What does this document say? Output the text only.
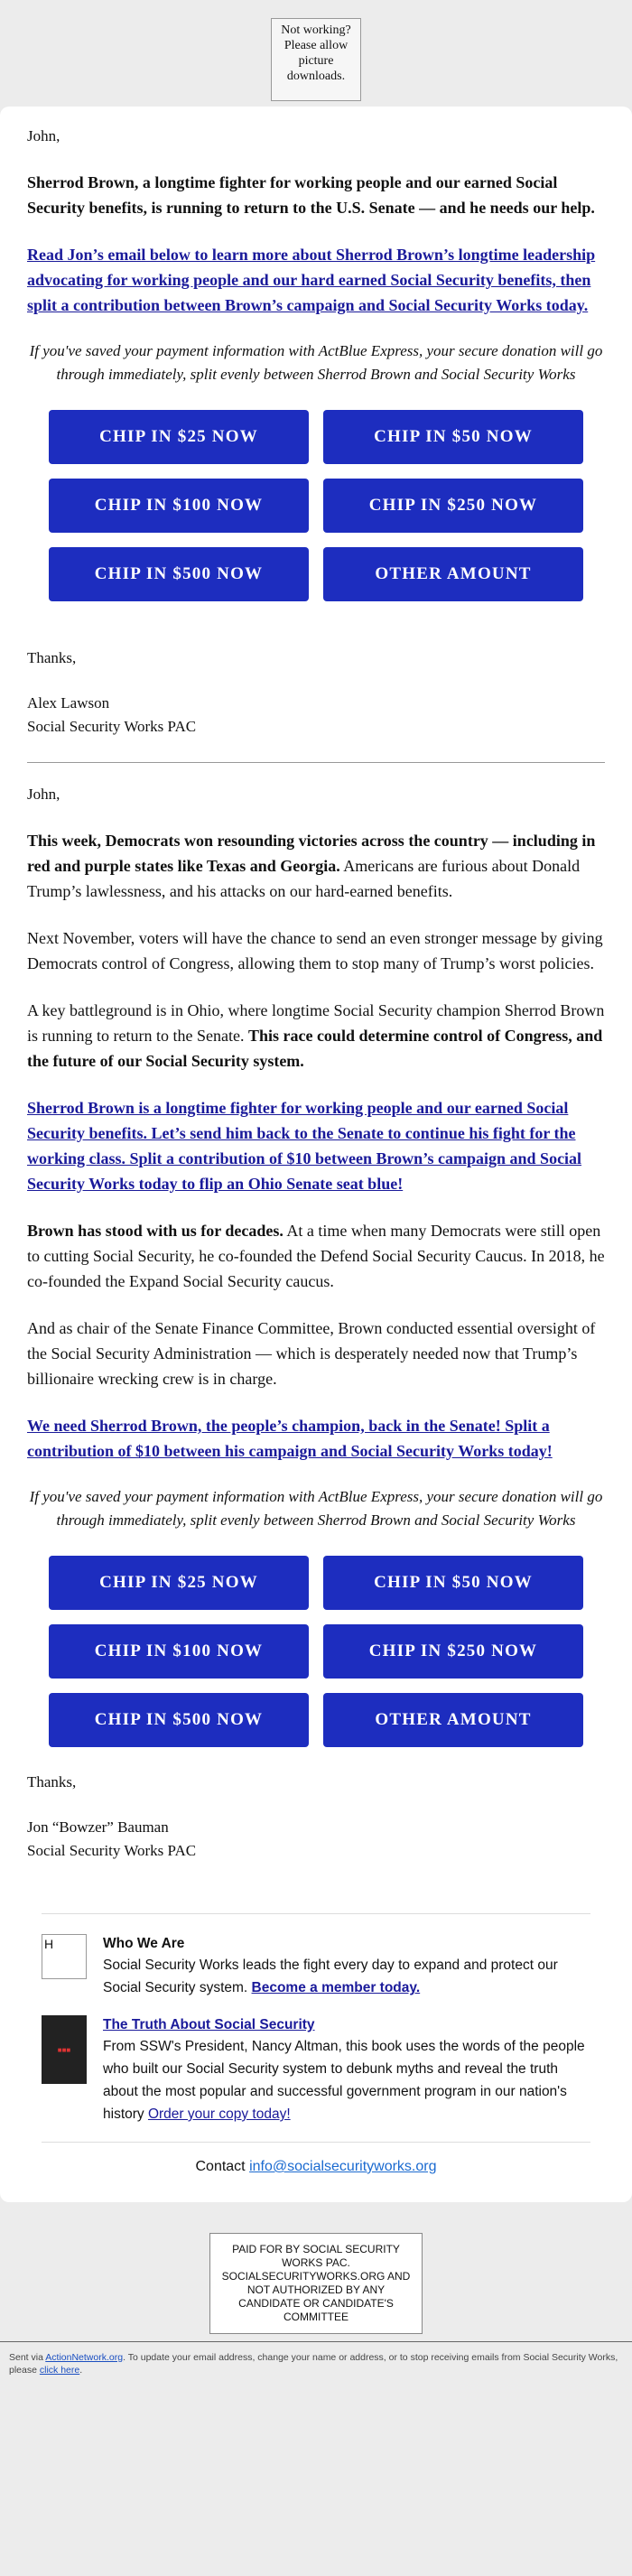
Not working? Please allow picture downloads.

John,

Sherrod Brown, a longtime fighter for working people and our earned Social Security benefits, is running to return to the U.S. Senate — and he needs our help.

Read Jon’s email below to learn more about Sherrod Brown’s longtime leadership advocating for working people and our hard earned Social Security benefits, then split a contribution between Brown’s campaign and Social Security Works today.

If you've saved your payment information with ActBlue Express, your secure donation will go through immediately, split evenly between Sherrod Brown and Social Security Works

CHIP IN $25 NOW	CHIP IN $50 NOW
CHIP IN $100 NOW	CHIP IN $250 NOW
CHIP IN $500 NOW	OTHER AMOUNT

Thanks,

Alex Lawson

Social Security Works PAC

John,

This week, Democrats won resounding victories across the country — including in red and purple states like Texas and Georgia. Americans are furious about Donald Trump’s lawlessness, and his attacks on our hard-earned benefits.

Next November, voters will have the chance to send an even stronger message by giving Democrats control of Congress, allowing them to stop many of Trump’s worst policies.

A key battleground is in Ohio, where longtime Social Security champion Sherrod Brown is running to return to the Senate. This race could determine control of Congress, and the future of our Social Security system.

Sherrod Brown is a longtime fighter for working people and our earned Social Security benefits. Let’s send him back to the Senate to continue his fight for the working class. Split a contribution of $10 between Brown’s campaign and Social Security Works today to flip an Ohio Senate seat blue!

Brown has stood with us for decades. At a time when many Democrats were still open to cutting Social Security, he co-founded the Defend Social Security Caucus. In 2018, he co-founded the Expand Social Security caucus.

And as chair of the Senate Finance Committee, Brown conducted essential oversight of the Social Security Administration — which is desperately needed now that Trump’s billionaire wrecking crew is in charge.

We need Sherrod Brown, the people’s champion, back in the Senate! Split a contribution of $10 between his campaign and Social Security Works today!

If you've saved your payment information with ActBlue Express, your secure donation will go through immediately, split evenly between Sherrod Brown and Social Security Works

CHIP IN $25 NOW	CHIP IN $50 NOW
CHIP IN $100 NOW	CHIP IN $250 NOW
CHIP IN $500 NOW	OTHER AMOUNT

Thanks,

Jon “Bowzer” Bauman

Social Security Works PAC

H	Who We Are
Social Security Works leads the fight every day to expand and protect our Social Security system. Become a member today.
■■■
The Truth About Social Security
From SSW's President, Nancy Altman, this book uses the words of the people who built our Social Security system to debunk myths and reveal the truth about the most popular and successful government program in our nation's history Order your copy today!
Contact info@socialsecurityworks.org
PAID FOR BY SOCIAL SECURITY WORKS PAC. SOCIALSECURITYWORKS.ORG AND NOT AUTHORIZED BY ANY CANDIDATE OR CANDIDATE'S COMMITTEE
Sent via ActionNetwork.org. To update your email address, change your name or address, or to stop receiving emails from Social Security Works, please click here.
